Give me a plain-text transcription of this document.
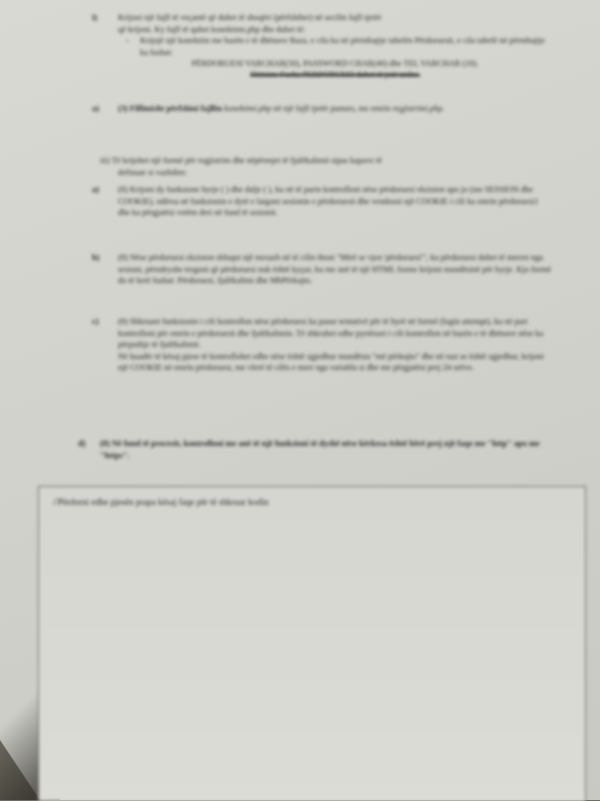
i) Krijoni një fajll të veçantë që duhet të shoqëri (përfshihet) në secilin fajll tjetër

që krijoni. Ky fajll të quhet konektimi.php dhe duhet të:

- Krijojë një konektim me bazën e të dhënave Baza, e cila ka në përmbajtje tabelën Përdoruesit, e cila tabelë në përmbajtje ka fushat:

PËRDORUESI VARCHAR(50), PASSWORD CHAR(40) dhe TEL VARCHAR (10).

Shënim: Fusha PERDORUESI duhet të jetë unike.

a) (3) Fillimisht përfshini fajllin konektimi.php në një fajll tjetër punues, me emrin regjistrimi.php.

iii) Të krijohet një formë për regjistrim dhe nëpërmjet të fjalëkalimit sipas kapave të

definuar si vazhdim:

a) (8) Krijoni dy funksione hyrje ( ) dhe dalje ( ), ku në të parin kontrolloni nëse përdoruesi ekziston apo jo (me SESSION dhe COOKIE), ndërsa në funksionin e dytë e largoni sesionin e përdoruesit dhe vendosni një COOKIE i cili ka emrin përdoruesi1 dhe ka përgjatësi vetëm deri në fund të sesionit.

b) (8) Nëse përdoruesi ekziston shfaqni një mesazh në të cilin thoni "Mirë se vjen 'përdoruesi'", ku përdoruesi duhet të merret nga sesioni, përndryshe tregoni që përdoruesi nuk është kyçur, ku me anë të një HTML forme krijoni mundësinë për hyrje. Kjo formë do të ketë fushat: Përdoruesi, fjalëkalimi dhe MbPërkujto.

c) (8) Shkruani funksionin i cili kontrollon nëse përdoruesi ka pasur tentativë për të hyrë në formë (login attempt), ku në pari kontrolloni për emrin e përdoruesit dhe fjalëkalimin. Të shkruhet edhe pyetësori i cili kontrollon në bazën e të dhënave nëse ka përputhje të fjalëkalimit.

Në kuadër të kësaj pjese të kontrollohet edhe nëse është zgjedhur mundësia "më përkujto" dhe në rast se është zgjedhur, krijoni një COOKIE në emrin përdoruesi, me vlerë të cilës e merr nga variabla si dhe me përgjatësi prej 24 orëve.

d) (8) Në fund të procesit, kontrolloni me anë të një funksioni të dyshë nëse kërkesa është bërë prej një faqe me "http" apo me "https".

//Përdorni edhe pjesën prapa kësaj faqe për të shkruar kodin
